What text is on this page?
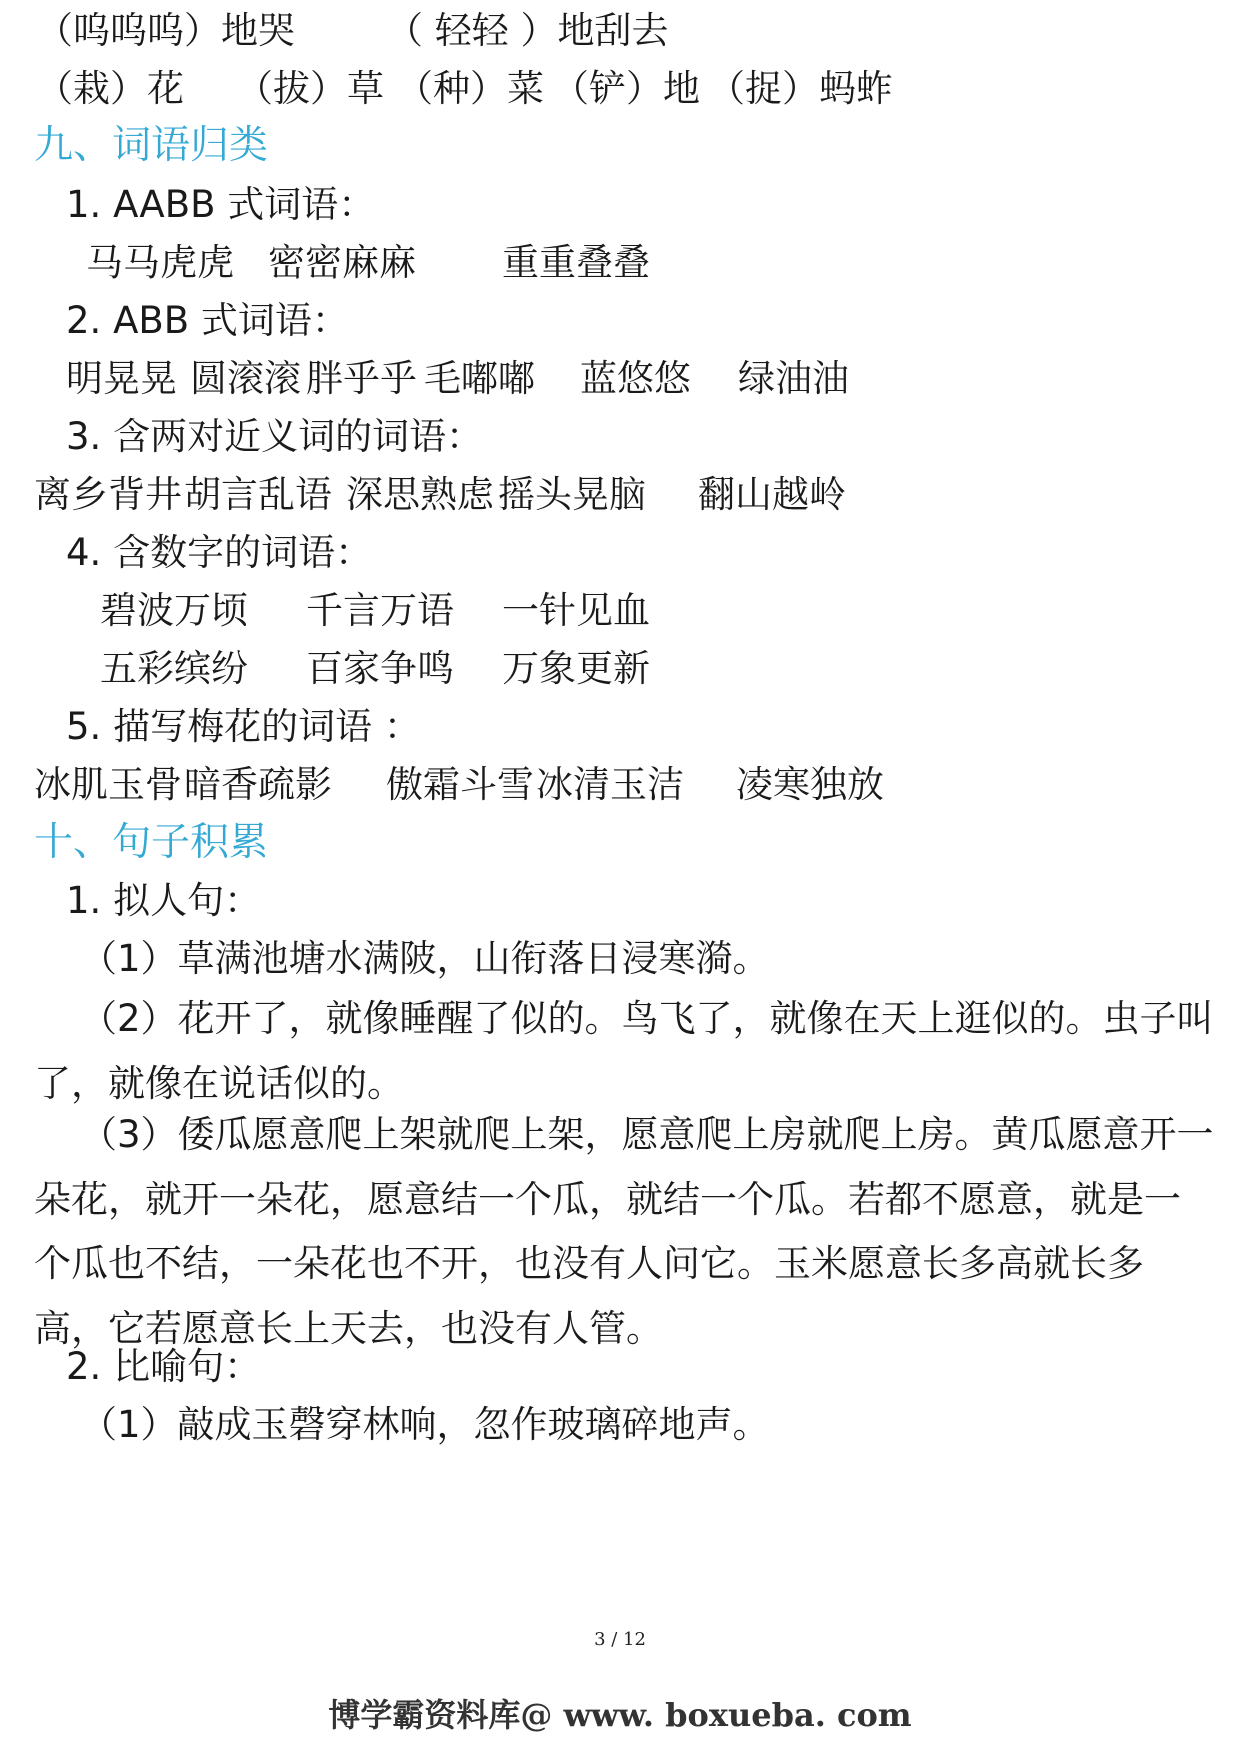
（呜呜呜）地哭 （ 轻轻 ）地刮去
（栽）花 （拔）草 （种）菜 （铲）地 （捉）蚂蚱
九、词语归类
1. AABB 式词语：
马马虎虎 密密麻麻 重重叠叠
2. ABB 式词语：
明晃晃 圆滚滚 胖乎乎 毛嘟嘟 蓝悠悠 绿油油
3. 含两对近义词的词语：
离乡背井 胡言乱语 深思熟虑 摇头晃脑 翻山越岭
4. 含数字的词语：
碧波万顷 千言万语 一针见血
五彩缤纷 百家争鸣 万象更新
5. 描写梅花的词语 ：
冰肌玉骨 暗香疏影 傲霜斗雪 冰清玉洁 凌寒独放
十、句子积累
1. 拟人句：
（1）草满池塘水满陂，山衔落日浸寒漪。
（2）花开了，就像睡醒了似的。鸟飞了，就像在天上逛似的。虫子叫了，就像在说话似的。
（3）倭瓜愿意爬上架就爬上架，愿意爬上房就爬上房。黄瓜愿意开一朵花，就开一朵花，愿意结一个瓜，就结一个瓜。若都不愿意，就是一个瓜也不结，一朵花也不开，也没有人问它。玉米愿意长多高就长多高，它若愿意长上天去，也没有人管。
2. 比喻句：
（1）敲成玉磬穿林响，忽作玻璃碎地声。
3 / 12
博学霸资料库@ www. boxueba. com
